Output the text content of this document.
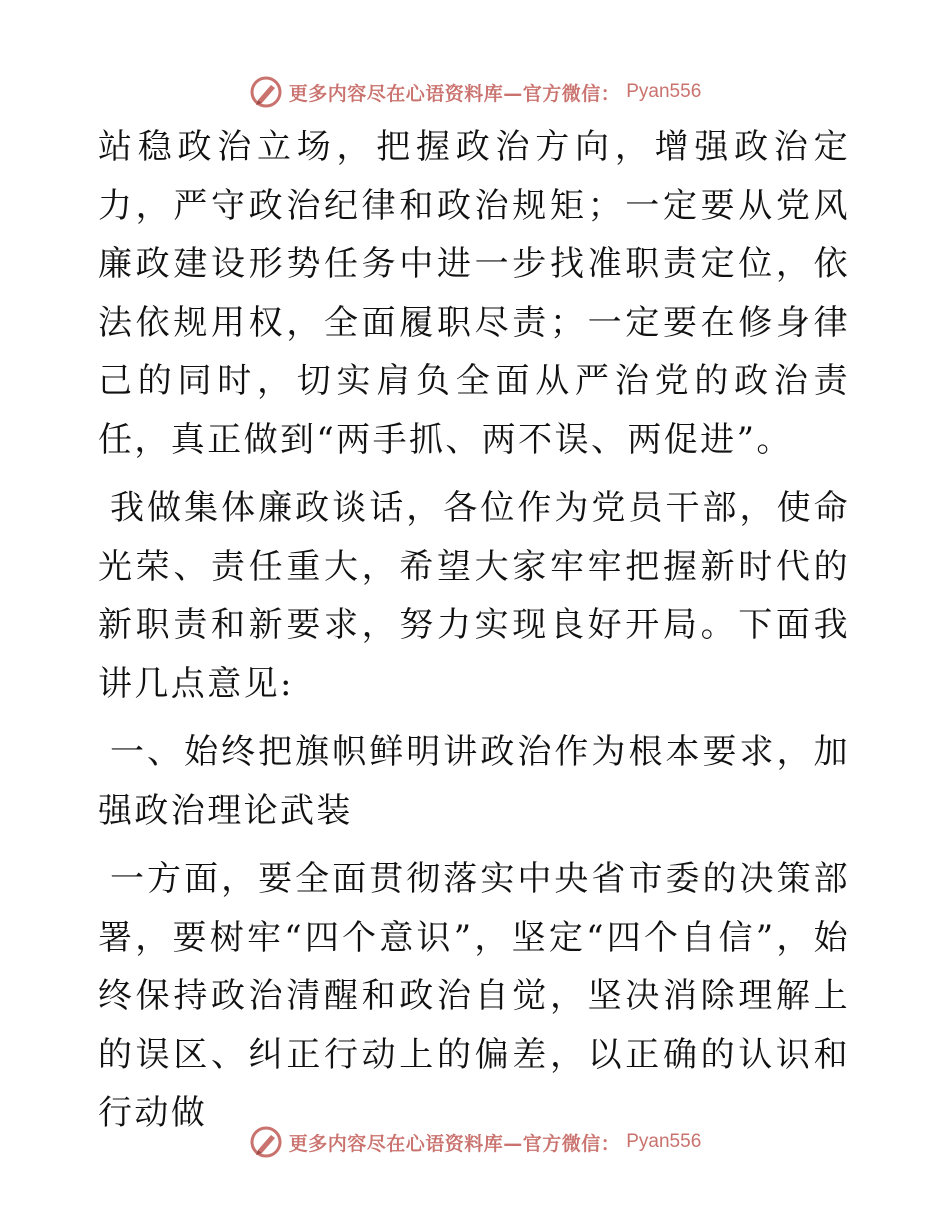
更多内容尽在心语资料库—官方微信： Pyan556

站稳政治立场，把握政治方向，增强政治定力，严守政治纪律和政治规矩；一定要从党风廉政建设形势任务中进一步找准职责定位，依法依规用权，全面履职尽责；一定要在修身律己的同时，切实肩负全面从严治党的政治责任，真正做到“两手抓、两不误、两促进”。

我做集体廉政谈话，各位作为党员干部，使命光荣、责任重大，希望大家牢牢把握新时代的新职责和新要求，努力实现良好开局。下面我讲几点意见:

一、始终把旗帜鲜明讲政治作为根本要求，加强政治理论武装

一方面，要全面贯彻落实中央省市委的决策部署，要树牢“四个意识”，坚定“四个自信”，始终保持政治清醒和政治自觉，坚决消除理解上的误区、纠正行动上的偏差，以正确的认识和行动做

更多内容尽在心语资料库—官方微信： Pyan556
